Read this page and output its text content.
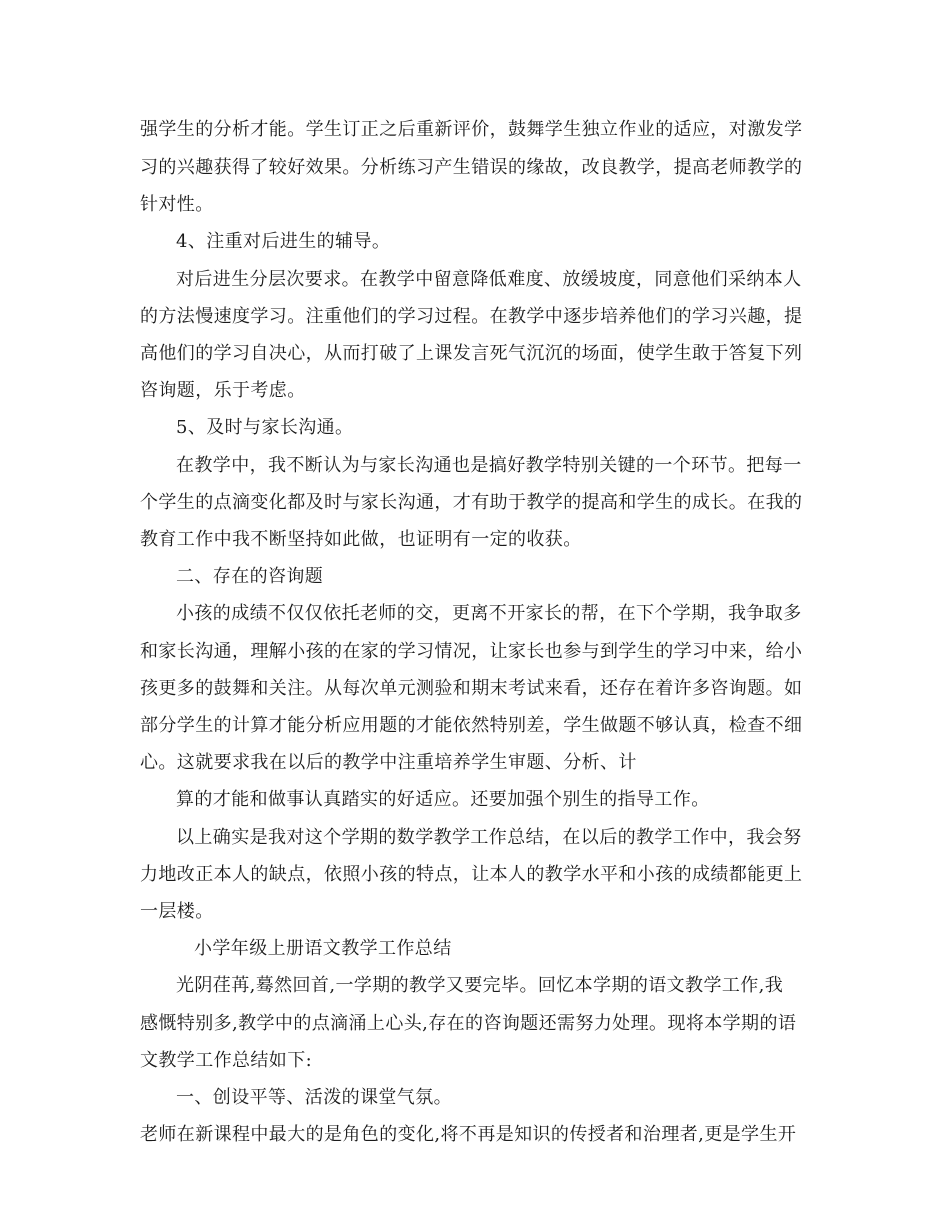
强学生的分析才能。学生订正之后重新评价，鼓舞学生独立作业的适应，对激发学
习的兴趣获得了较好效果。分析练习产生错误的缘故，改良教学，提高老师教学的
针对性。
4、注重对后进生的辅导。
对后进生分层次要求。在教学中留意降低难度、放缓坡度，同意他们采纳本人
的方法慢速度学习。注重他们的学习过程。在教学中逐步培养他们的学习兴趣，提
高他们的学习自决心，从而打破了上课发言死气沉沉的场面，使学生敢于答复下列
咨询题，乐于考虑。
5、及时与家长沟通。
在教学中，我不断认为与家长沟通也是搞好教学特别关键的一个环节。把每一
个学生的点滴变化都及时与家长沟通，才有助于教学的提高和学生的成长。在我的
教育工作中我不断坚持如此做，也证明有一定的收获。
二、存在的咨询题
小孩的成绩不仅仅依托老师的交，更离不开家长的帮，在下个学期，我争取多
和家长沟通，理解小孩的在家的学习情况，让家长也参与到学生的学习中来，给小
孩更多的鼓舞和关注。从每次单元测验和期末考试来看，还存在着许多咨询题。如
部分学生的计算才能分析应用题的才能依然特别差，学生做题不够认真，检查不细
心。这就要求我在以后的教学中注重培养学生审题、分析、计
算的才能和做事认真踏实的好适应。还要加强个别生的指导工作。
以上确实是我对这个学期的数学教学工作总结，在以后的教学工作中，我会努
力地改正本人的缺点，依照小孩的特点，让本人的教学水平和小孩的成绩都能更上
一层楼。
小学年级上册语文教学工作总结
光阴荏苒,蓦然回首,一学期的教学又要完毕。回忆本学期的语文教学工作,我
感慨特别多,教学中的点滴涌上心头,存在的咨询题还需努力处理。现将本学期的语
文教学工作总结如下:
一、创设平等、活泼的课堂气氛。
老师在新课程中最大的是角色的变化,将不再是知识的传授者和治理者,更是学生开
